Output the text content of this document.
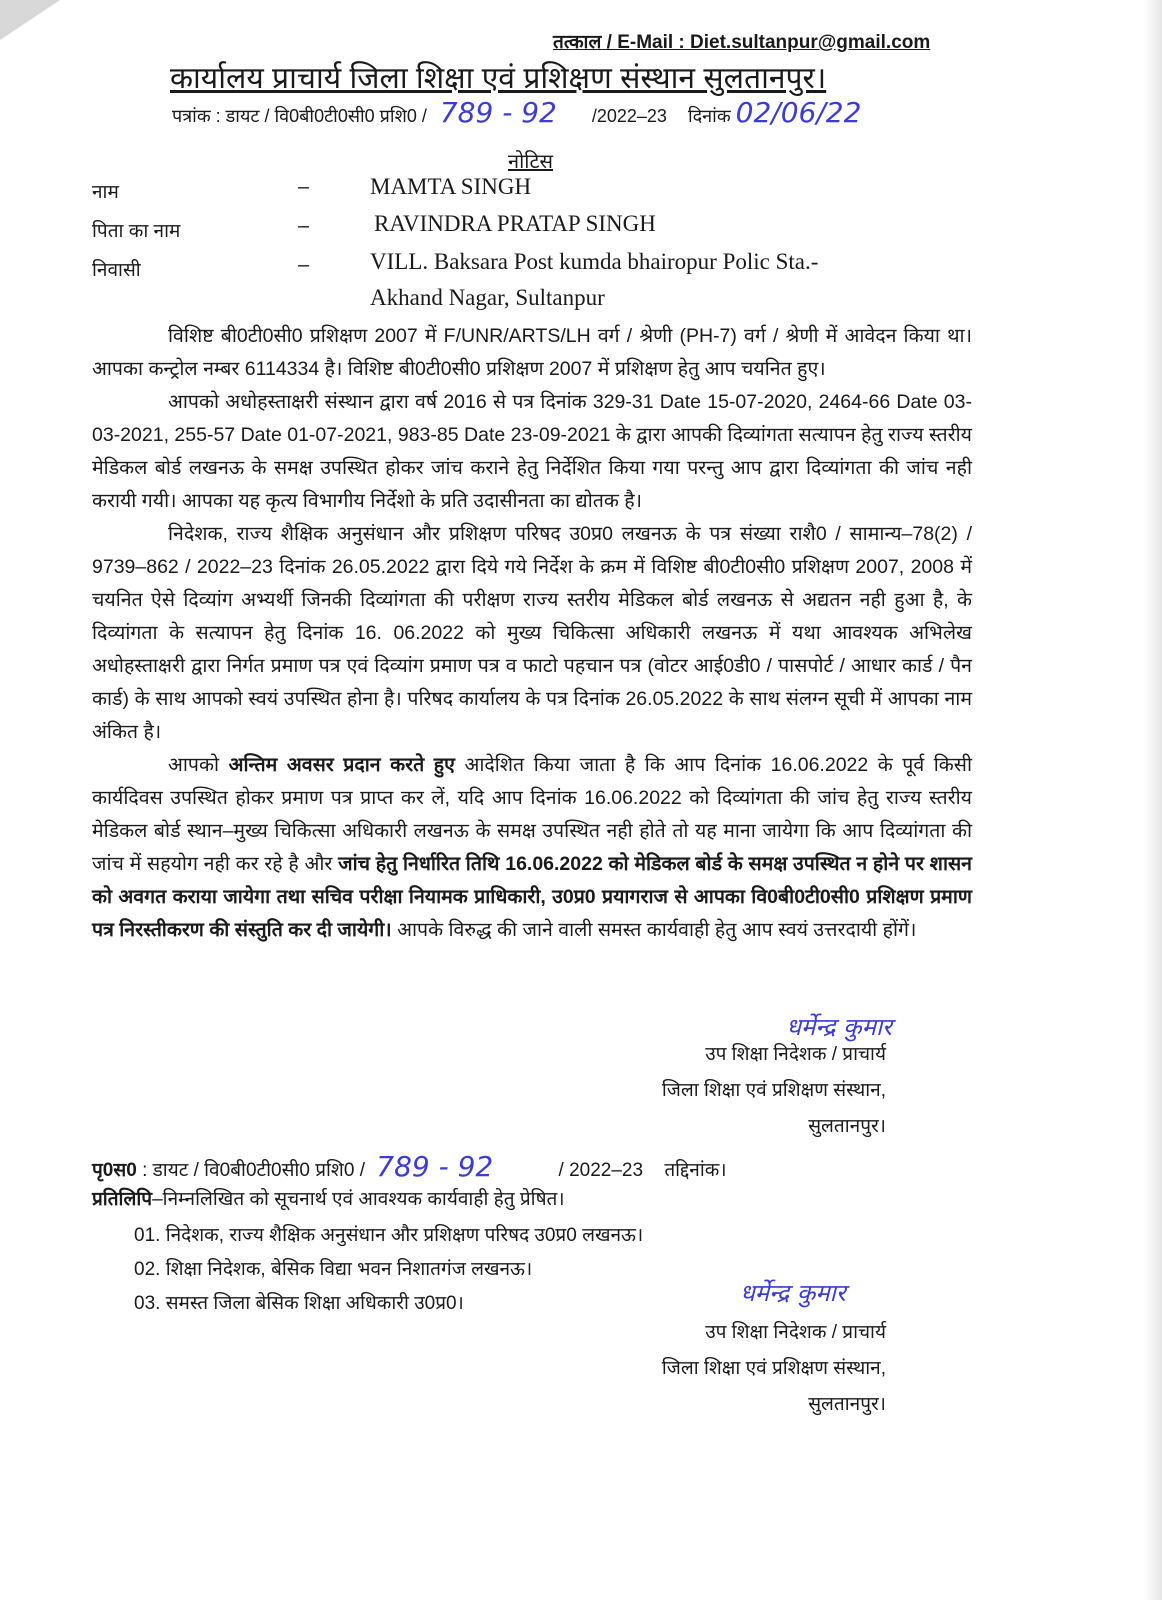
तत्काल / E-Mail : Diet.sultanpur@gmail.com
कार्यालय प्राचार्य जिला शिक्षा एवं प्रशिक्षण संस्थान सुलतानपुर।
पत्रांक : डायट / वि0बी0टी0सी0 प्रशि0 / 789 - 92 /2022–23 दिनांक 02/06/22
नोटिस
नाम	–	MAMTA SINGH
पिता का नाम	–	RAVINDRA PRATAP SINGH
निवासी	–	VILL. Baksara Post kumda bhairopur Polic Sta.-
Akhand Nagar, Sultanpur

विशिष्ट बी0टी0सी0 प्रशिक्षण 2007 में F/UNR/ARTS/LH वर्ग / श्रेणी (PH-7) वर्ग / श्रेणी में आवेदन किया था। आपका कन्ट्रोल नम्बर 6114334 है। विशिष्ट बी0टी0सी0 प्रशिक्षण 2007 में प्रशिक्षण हेतु आप चयनित हुए।

आपको अधोहस्ताक्षरी संस्थान द्वारा वर्ष 2016 से पत्र दिनांक 329-31 Date 15-07-2020, 2464-66 Date 03-03-2021, 255-57 Date 01-07-2021, 983-85 Date 23-09-2021 के द्वारा आपकी दिव्यांगता सत्यापन हेतु राज्य स्तरीय मेडिकल बोर्ड लखनऊ के समक्ष उपस्थित होकर जांच कराने हेतु निर्देशित किया गया परन्तु आप द्वारा दिव्यांगता की जांच नही करायी गयी। आपका यह कृत्य विभागीय निर्देशो के प्रति उदासीनता का द्योतक है।

निदेशक, राज्य शैक्षिक अनुसंधान और प्रशिक्षण परिषद उ0प्र0 लखनऊ के पत्र संख्या राशै0 / सामान्य–78(2) / 9739–862 / 2022–23 दिनांक 26.05.2022 द्वारा दिये गये निर्देश के क्रम में विशिष्ट बी0टी0सी0 प्रशिक्षण 2007, 2008 में चयनित ऐसे दिव्यांग अभ्यर्थी जिनकी दिव्यांगता की परीक्षण राज्य स्तरीय मेडिकल बोर्ड लखनऊ से अद्यतन नही हुआ है, के दिव्यांगता के सत्यापन हेतु दिनांक 16. 06.2022 को मुख्य चिकित्सा अधिकारी लखनऊ में यथा आवश्यक अभिलेख अधोहस्ताक्षरी द्वारा निर्गत प्रमाण पत्र एवं दिव्यांग प्रमाण पत्र व फाटो पहचान पत्र (वोटर आई0डी0 / पासपोर्ट / आधार कार्ड / पैन कार्ड) के साथ आपको स्वयं उपस्थित होना है। परिषद कार्यालय के पत्र दिनांक 26.05.2022 के साथ संलग्न सूची में आपका नाम अंकित है।

आपको अन्तिम अवसर प्रदान करते हुए आदेशित किया जाता है कि आप दिनांक 16.06.2022 के पूर्व किसी कार्यदिवस उपस्थित होकर प्रमाण पत्र प्राप्त कर लें, यदि आप दिनांक 16.06.2022 को दिव्यांगता की जांच हेतु राज्य स्तरीय मेडिकल बोर्ड स्थान–मुख्य चिकित्सा अधिकारी लखनऊ के समक्ष उपस्थित नही होते तो यह माना जायेगा कि आप दिव्यांगता की जांच में सहयोग नही कर रहे है और जांच हेतु निर्धारित तिथि 16.06.2022 को मेडिकल बोर्ड के समक्ष उपस्थित न होने पर शासन को अवगत कराया जायेगा तथा सचिव परीक्षा नियामक प्राधिकारी, उ0प्र0 प्रयागराज से आपका वि0बी0टी0सी0 प्रशिक्षण प्रमाण पत्र निरस्तीकरण की संस्तुति कर दी जायेगी। आपके विरुद्ध की जाने वाली समस्त कार्यवाही हेतु आप स्वयं उत्तरदायी होंगें।

धर्मेन्द्र कुमार
उप शिक्षा निदेशक / प्राचार्य
जिला शिक्षा एवं प्रशिक्षण संस्थान,
सुलतानपुर।
पृ0स0 : डायट / वि0बी0टी0सी0 प्रशि0 / 789 - 92	/ 2022–23 तद्दिनांक।
प्रतिलिपि–निम्नलिखित को सूचनार्थ एवं आवश्यक कार्यवाही हेतु प्रेषित।
01. निदेशक, राज्य शैक्षिक अनुसंधान और प्रशिक्षण परिषद उ0प्र0 लखनऊ।
02. शिक्षा निदेशक, बेसिक विद्या भवन निशातगंज लखनऊ।
03. समस्त जिला बेसिक शिक्षा अधिकारी उ0प्र0।	धर्मेन्द्र कुमार
उप शिक्षा निदेशक / प्राचार्य
जिला शिक्षा एवं प्रशिक्षण संस्थान,
सुलतानपुर।
